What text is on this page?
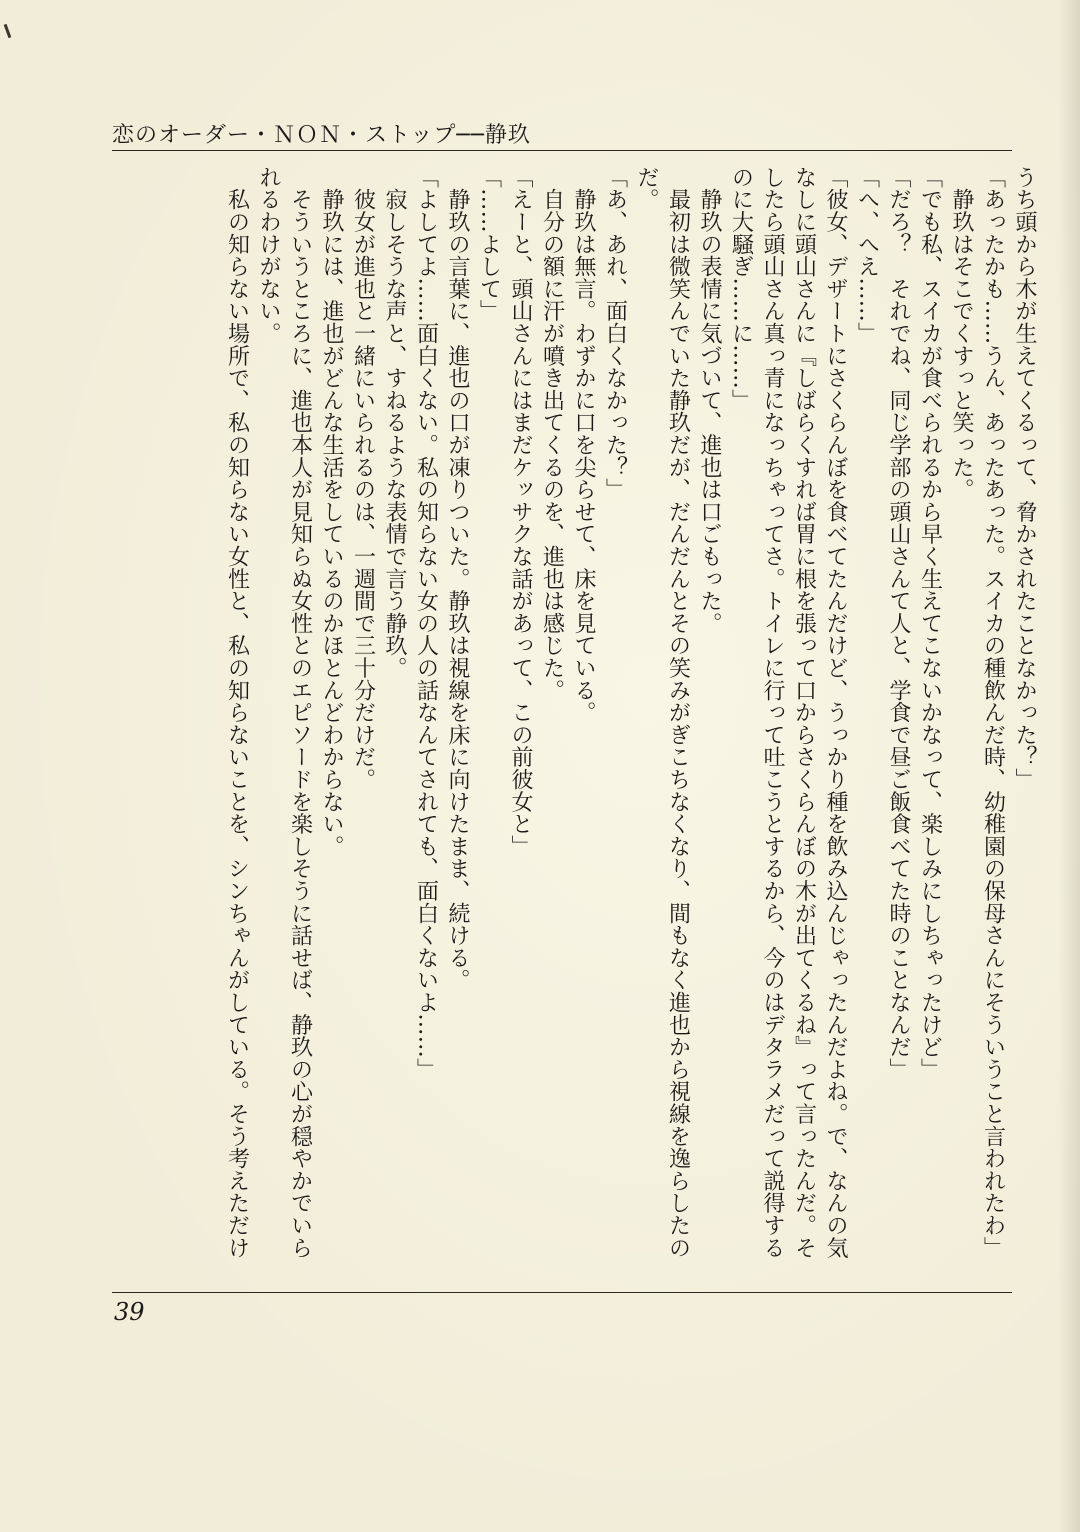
恋のオーダー・ＮＯＮ・ストップ──静玖

うち頭から木が生えてくるって、脅かされたことなかった？」

「あったかも……うん、あったあった。スイカの種飲んだ時、幼稚園の保母さんにそういうこと言われたわ」

　静玖はそこでくすっと笑った。

「でも私、スイカが食べられるから早く生えてこないかなって、楽しみにしちゃったけど」

「だろ？　それでね、同じ学部の頭山さんて人と、学食で昼ご飯食べてた時のことなんだ」

「へ、へえ……」

「彼女、デザートにさくらんぼを食べてたんだけど、うっかり種を飲み込んじゃったんだよね。で、なんの気

なしに頭山さんに『しばらくすれば胃に根を張って口からさくらんぼの木が出てくるね』って言ったんだ。そ

したら頭山さん真っ青になっちゃってさ。トイレに行って吐こうとするから、今のはデタラメだって説得する

のに大騒ぎ……に……」

　静玖の表情に気づいて、進也は口ごもった。

　最初は微笑んでいた静玖だが、だんだんとその笑みがぎこちなくなり、間もなく進也から視線を逸らしたの

だ。

「あ、あれ、面白くなかった？」

　静玖は無言。わずかに口を尖らせて、床を見ている。

　自分の額に汗が噴き出てくるのを、進也は感じた。

「えーと、頭山さんにはまだケッサクな話があって、この前彼女と」

「……よして」

　静玖の言葉に、進也の口が凍りついた。静玖は視線を床に向けたまま、続ける。

「よしてよ……面白くない。私の知らない女の人の話なんてされても、面白くないよ……」

　寂しそうな声と、すねるような表情で言う静玖。

　彼女が進也と一緒にいられるのは、一週間で三十分だけだ。

　静玖には、進也がどんな生活をしているのかほとんどわからない。

　そういうところに、進也本人が見知らぬ女性とのエピソードを楽しそうに話せば、静玖の心が穏やかでいら

れるわけがない。

　私の知らない場所で、私の知らない女性と、私の知らないことを、シンちゃんがしている。そう考えただけ

39
